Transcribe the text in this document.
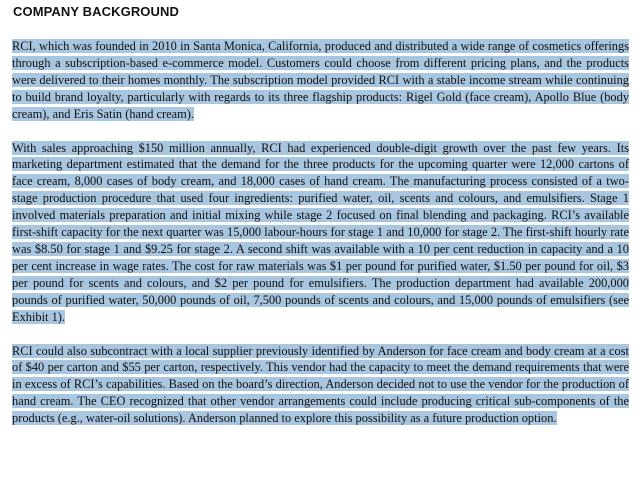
COMPANY BACKGROUND

RCI, which was founded in 2010 in Santa Monica, California, produced and distributed a wide range of cosmetics offerings through a subscription-based e-commerce model. Customers could choose from different pricing plans, and the products were delivered to their homes monthly. The subscription model provided RCI with a stable income stream while continuing to build brand loyalty, particularly with regards to its three flagship products: Rigel Gold (face cream), Apollo Blue (body cream), and Eris Satin (hand cream).

With sales approaching $150 million annually, RCI had experienced double-digit growth over the past few years. Its marketing department estimated that the demand for the three products for the upcoming quarter were 12,000 cartons of face cream, 8,000 cases of body cream, and 18,000 cases of hand cream. The manufacturing process consisted of a two-stage production procedure that used four ingredients: purified water, oil, scents and colours, and emulsifiers. Stage 1 involved materials preparation and initial mixing while stage 2 focused on final blending and packaging. RCI’s available first-shift capacity for the next quarter was 15,000 labour-hours for stage 1 and 10,000 for stage 2. The first-shift hourly rate was $8.50 for stage 1 and $9.25 for stage 2. A second shift was available with a 10 per cent reduction in capacity and a 10 per cent increase in wage rates. The cost for raw materials was $1 per pound for purified water, $1.50 per pound for oil, $3 per pound for scents and colours, and $2 per pound for emulsifiers. The production department had available 200,000 pounds of purified water, 50,000 pounds of oil, 7,500 pounds of scents and colours, and 15,000 pounds of emulsifiers (see Exhibit 1).

RCI could also subcontract with a local supplier previously identified by Anderson for face cream and body cream at a cost of $40 per carton and $55 per carton, respectively. This vendor had the capacity to meet the demand requirements that were in excess of RCI’s capabilities. Based on the board’s direction, Anderson decided not to use the vendor for the production of hand cream. The CEO recognized that other vendor arrangements could include producing critical sub-components of the products (e.g., water-oil solutions). Anderson planned to explore this possibility as a future production option.
